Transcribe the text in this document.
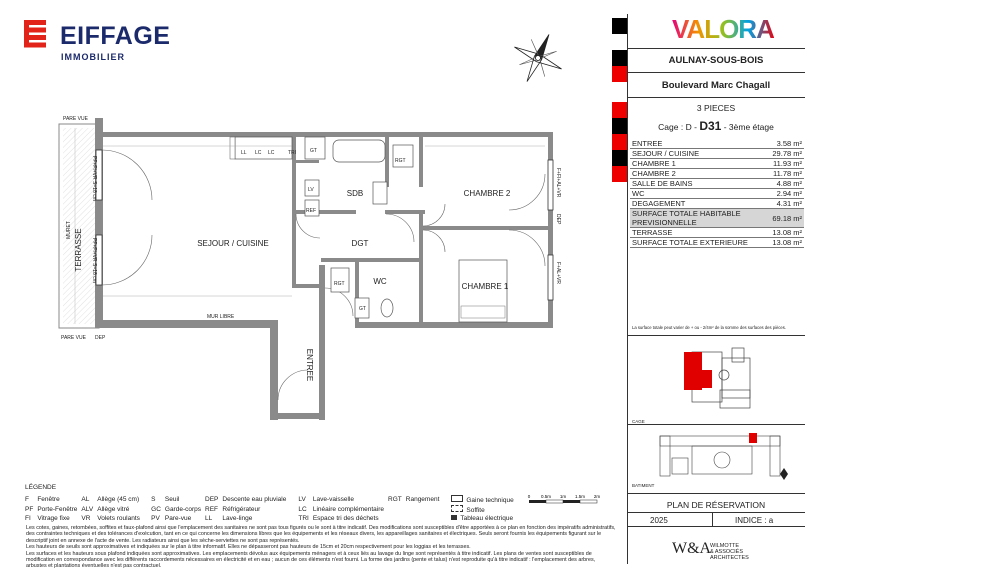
EIFFAGE
IMMOBILIER
TERRASSE
MURET
SEJOUR / CUISINE
SDB	CHAMBRE 2
DGT
WC
CHAMBRE 1
ENTREE
PARE VUE
PARE VUE DEP
MUR LIBRE
LL LC LC	TRI	GT
GT
RGT
RGT
LV
REF
PF+FI+VR S=18 cm
PF+FI+VR S=18 cm
F+FI+AL+VR
F+AL+VR
DEP
VALORA
AULNAY-SOUS-BOIS
Boulevard Marc Chagall
3 PIECES
Cage : D - D31 - 3ème étage
ENTREE	3.58 m²
SEJOUR / CUISINE	29.78 m²
CHAMBRE 1	11.93 m²
CHAMBRE 2	11.78 m²
SALLE DE BAINS	4.88 m²
WC	2.94 m²
DEGAGEMENT	4.31 m²
SURFACE TOTALE HABITABLE
PREVISIONNELLE	69.18 m²
TERRASSE	13.08 m²
SURFACE TOTALE EXTERIEURE	13.08 m²
La surface totale peut varier de + ou - 2/4m² de la somme des surfaces des pièces.
CAGE
BATIMENT
PLAN DE RÉSERVATION
2025	INDICE : a
W&A
WILMOTTE
& ASSOCIÉS
ARCHITECTES
LÉGENDE
F	Fenêtre	AL	Allège (45 cm)	S	Seuil	DEP	Descente eau pluviale	LV	Lave-vaisselle	RGT	Rangement	Gaine technique
PF	Porte-Fenêtre	ALV	Allège vitré	GC	Garde-corps	REF	Réfrigérateur	LC	Linéaire complémentaire			Soffite
FI	Vitrage fixe	VR	Volets roulants	PV	Pare-vue	LL	Lave-linge	TRI	Espace tri des déchets			Tableau électrique
0 0.5m 1m 1.5m 2m
Les cotes, gaines, retombées, soffites et faux-plafond ainsi que l'emplacement des sanitaires ne sont pas tous figurés ou le sont à titre indicatif. Des modifications sont susceptibles d'être apportées à ce plan en fonction des impératifs administratifs, des contraintes techniques et des tolérances d'exécution, tant en ce qui concerne les dimensions libres que les équipements et les réseaux divers, les appareillages sanitaires et électriques. Seuls seront fournis les équipements figurant sur le descriptif joint en annexe de l'acte de vente. Les radiateurs ainsi que les sèche-serviettes ne sont pas représentés.
Les hauteurs de seuils sont approximatives et indiquées sur le plan à titre informatif. Elles ne dépasseront pas hauteurs de 15cm et 20cm respectivement pour les loggias et les terrasses.
Les surfaces et les hauteurs sous plafond indiquées sont approximatives. Les emplacements dévolus aux équipements ménagers et à ceux liés au lavage du linge sont représentés à titre indicatif. Les plans de ventes sont susceptibles de modification en correspondance avec les différents raccordements nécessaires en électricité et en eau ; aucun de ces éléments n'est fourni. La forme des jardins (pente et talus) n'est reproduite qu'à titre indicatif : l'emplacement des arbres, arbustes et plantations éventuelles n'est pas contractuel.
